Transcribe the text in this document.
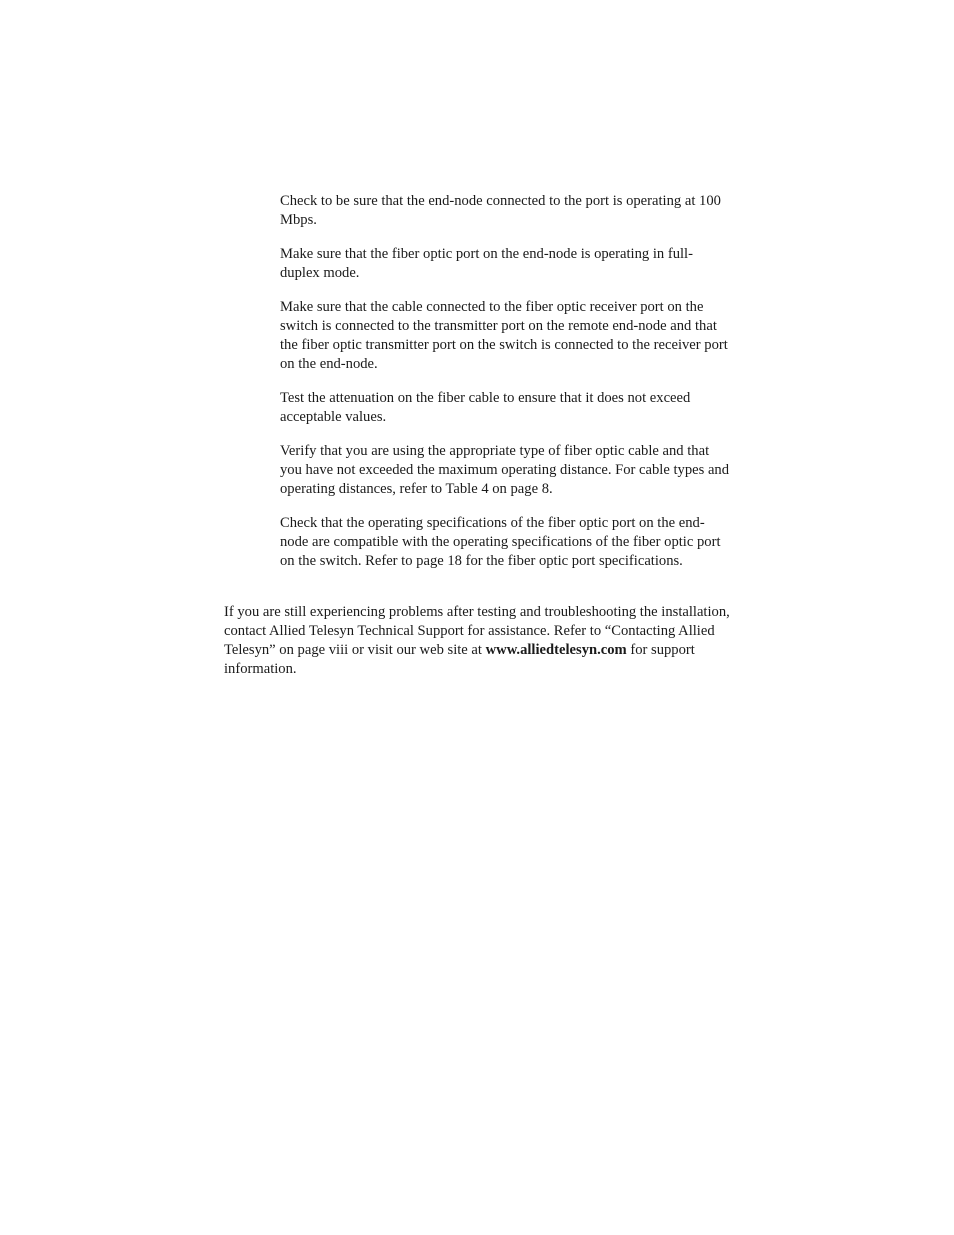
Check to be sure that the end-node connected to the port is operating at 100 Mbps.

Make sure that the fiber optic port on the end-node is operating in full-duplex mode.

Make sure that the cable connected to the fiber optic receiver port on the switch is connected to the transmitter port on the remote end-node and that the fiber optic transmitter port on the switch is connected to the receiver port on the end-node.

Test the attenuation on the fiber cable to ensure that it does not exceed acceptable values.

Verify that you are using the appropriate type of fiber optic cable and that you have not exceeded the maximum operating distance. For cable types and operating distances, refer to Table 4 on page 8.

Check that the operating specifications of the fiber optic port on the end-node are compatible with the operating specifications of the fiber optic port on the switch. Refer to page 18 for the fiber optic port specifications.

If you are still experiencing problems after testing and troubleshooting the installation, contact Allied Telesyn Technical Support for assistance. Refer to “Contacting Allied Telesyn” on page viii or visit our web site at www.alliedtelesyn.com for support information.
